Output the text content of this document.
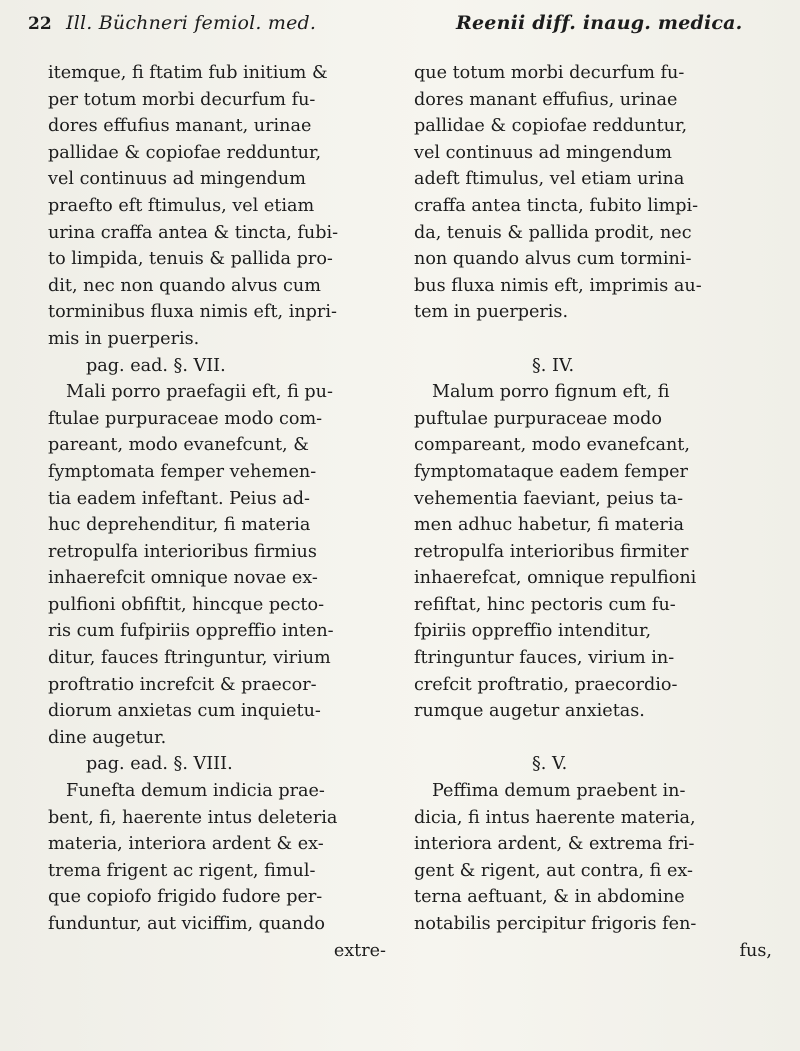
22 Ill. Büchneri femiol. med.	Reenii diff. inaug. medica.
itemque, fi ftatim fub initium &
per totum morbi decurfum fu-
dores effufius manant, urinae
pallidae & copiofae redduntur,
vel continuus ad mingendum
praefto eft ftimulus, vel etiam
urina craffa antea & tincta, fubi-
to limpida, tenuis & pallida pro-
dit, nec non quando alvus cum
torminibus fluxa nimis eft, inpri-
mis in puerperis.
pag. ead. §. VII.
Mali porro praefagii eft, fi pu-
ftulae purpuraceae modo com-
pareant, modo evanefcunt, &
fymptomata femper vehemen-
tia eadem infeftant. Peius ad-
huc deprehenditur, fi materia
retropulfa interioribus firmius
inhaerefcit omnique novae ex-
pulfioni obfiftit, hincque pecto-
ris cum fufpiriis oppreffio inten-
ditur, fauces ftringuntur, virium
proftratio increfcit & praecor-
diorum anxietas cum inquietu-
dine augetur.
pag. ead. §. VIII.
Funefta demum indicia prae-
bent, fi, haerente intus deleteria
materia, interiora ardent & ex-
trema frigent ac rigent, fimul-
que copiofo frigido fudore per-
funduntur, aut viciffim, quando
extre-
que totum morbi decurfum fu-
dores manant effufius, urinae
pallidae & copiofae redduntur,
vel continuus ad mingendum
adeft ftimulus, vel etiam urina
craffa antea tincta, fubito limpi-
da, tenuis & pallida prodit, nec
non quando alvus cum tormini-
bus fluxa nimis eft, imprimis au-
tem in puerperis.
§. IV.
Malum porro fignum eft, fi
puftulae purpuraceae modo
compareant, modo evanefcant,
fymptomataque eadem femper
vehementia faeviant, peius ta-
men adhuc habetur, fi materia
retropulfa interioribus firmiter
inhaerefcat, omnique repulfioni
refiftat, hinc pectoris cum fu-
fpiriis oppreffio intenditur,
ftringuntur fauces, virium in-
crefcit proftratio, praecordio-
rumque augetur anxietas.
§. V.
Peffima demum praebent in-
dicia, fi intus haerente materia,
interiora ardent, & extrema fri-
gent & rigent, aut contra, fi ex-
terna aeftuant, & in abdomine
notabilis percipitur frigoris fen-
fus,
